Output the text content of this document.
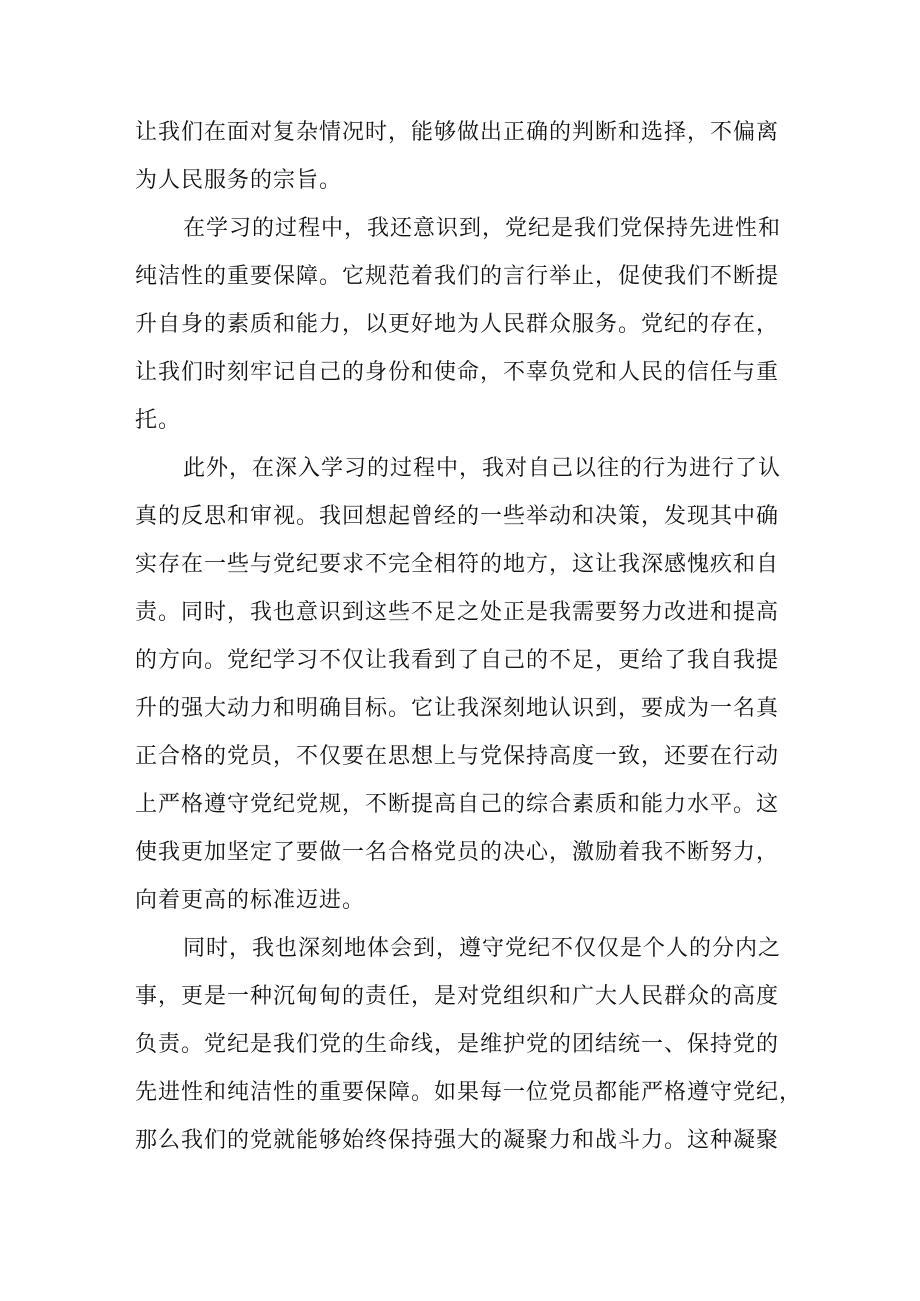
让我们在面对复杂情况时，能够做出正确的判断和选择，不偏离
为人民服务的宗旨。
在学习的过程中，我还意识到，党纪是我们党保持先进性和
纯洁性的重要保障。它规范着我们的言行举止，促使我们不断提
升自身的素质和能力，以更好地为人民群众服务。党纪的存在，
让我们时刻牢记自己的身份和使命，不辜负党和人民的信任与重
托。
此外，在深入学习的过程中，我对自己以往的行为进行了认
真的反思和审视。我回想起曾经的一些举动和决策，发现其中确
实存在一些与党纪要求不完全相符的地方，这让我深感愧疚和自
责。同时，我也意识到这些不足之处正是我需要努力改进和提高
的方向。党纪学习不仅让我看到了自己的不足，更给了我自我提
升的强大动力和明确目标。它让我深刻地认识到，要成为一名真
正合格的党员，不仅要在思想上与党保持高度一致，还要在行动
上严格遵守党纪党规，不断提高自己的综合素质和能力水平。这
使我更加坚定了要做一名合格党员的决心，激励着我不断努力，
向着更高的标准迈进。
同时，我也深刻地体会到，遵守党纪不仅仅是个人的分内之
事，更是一种沉甸甸的责任，是对党组织和广大人民群众的高度
负责。党纪是我们党的生命线，是维护党的团结统一、保持党的
先进性和纯洁性的重要保障。如果每一位党员都能严格遵守党纪，
那么我们的党就能够始终保持强大的凝聚力和战斗力。这种凝聚
